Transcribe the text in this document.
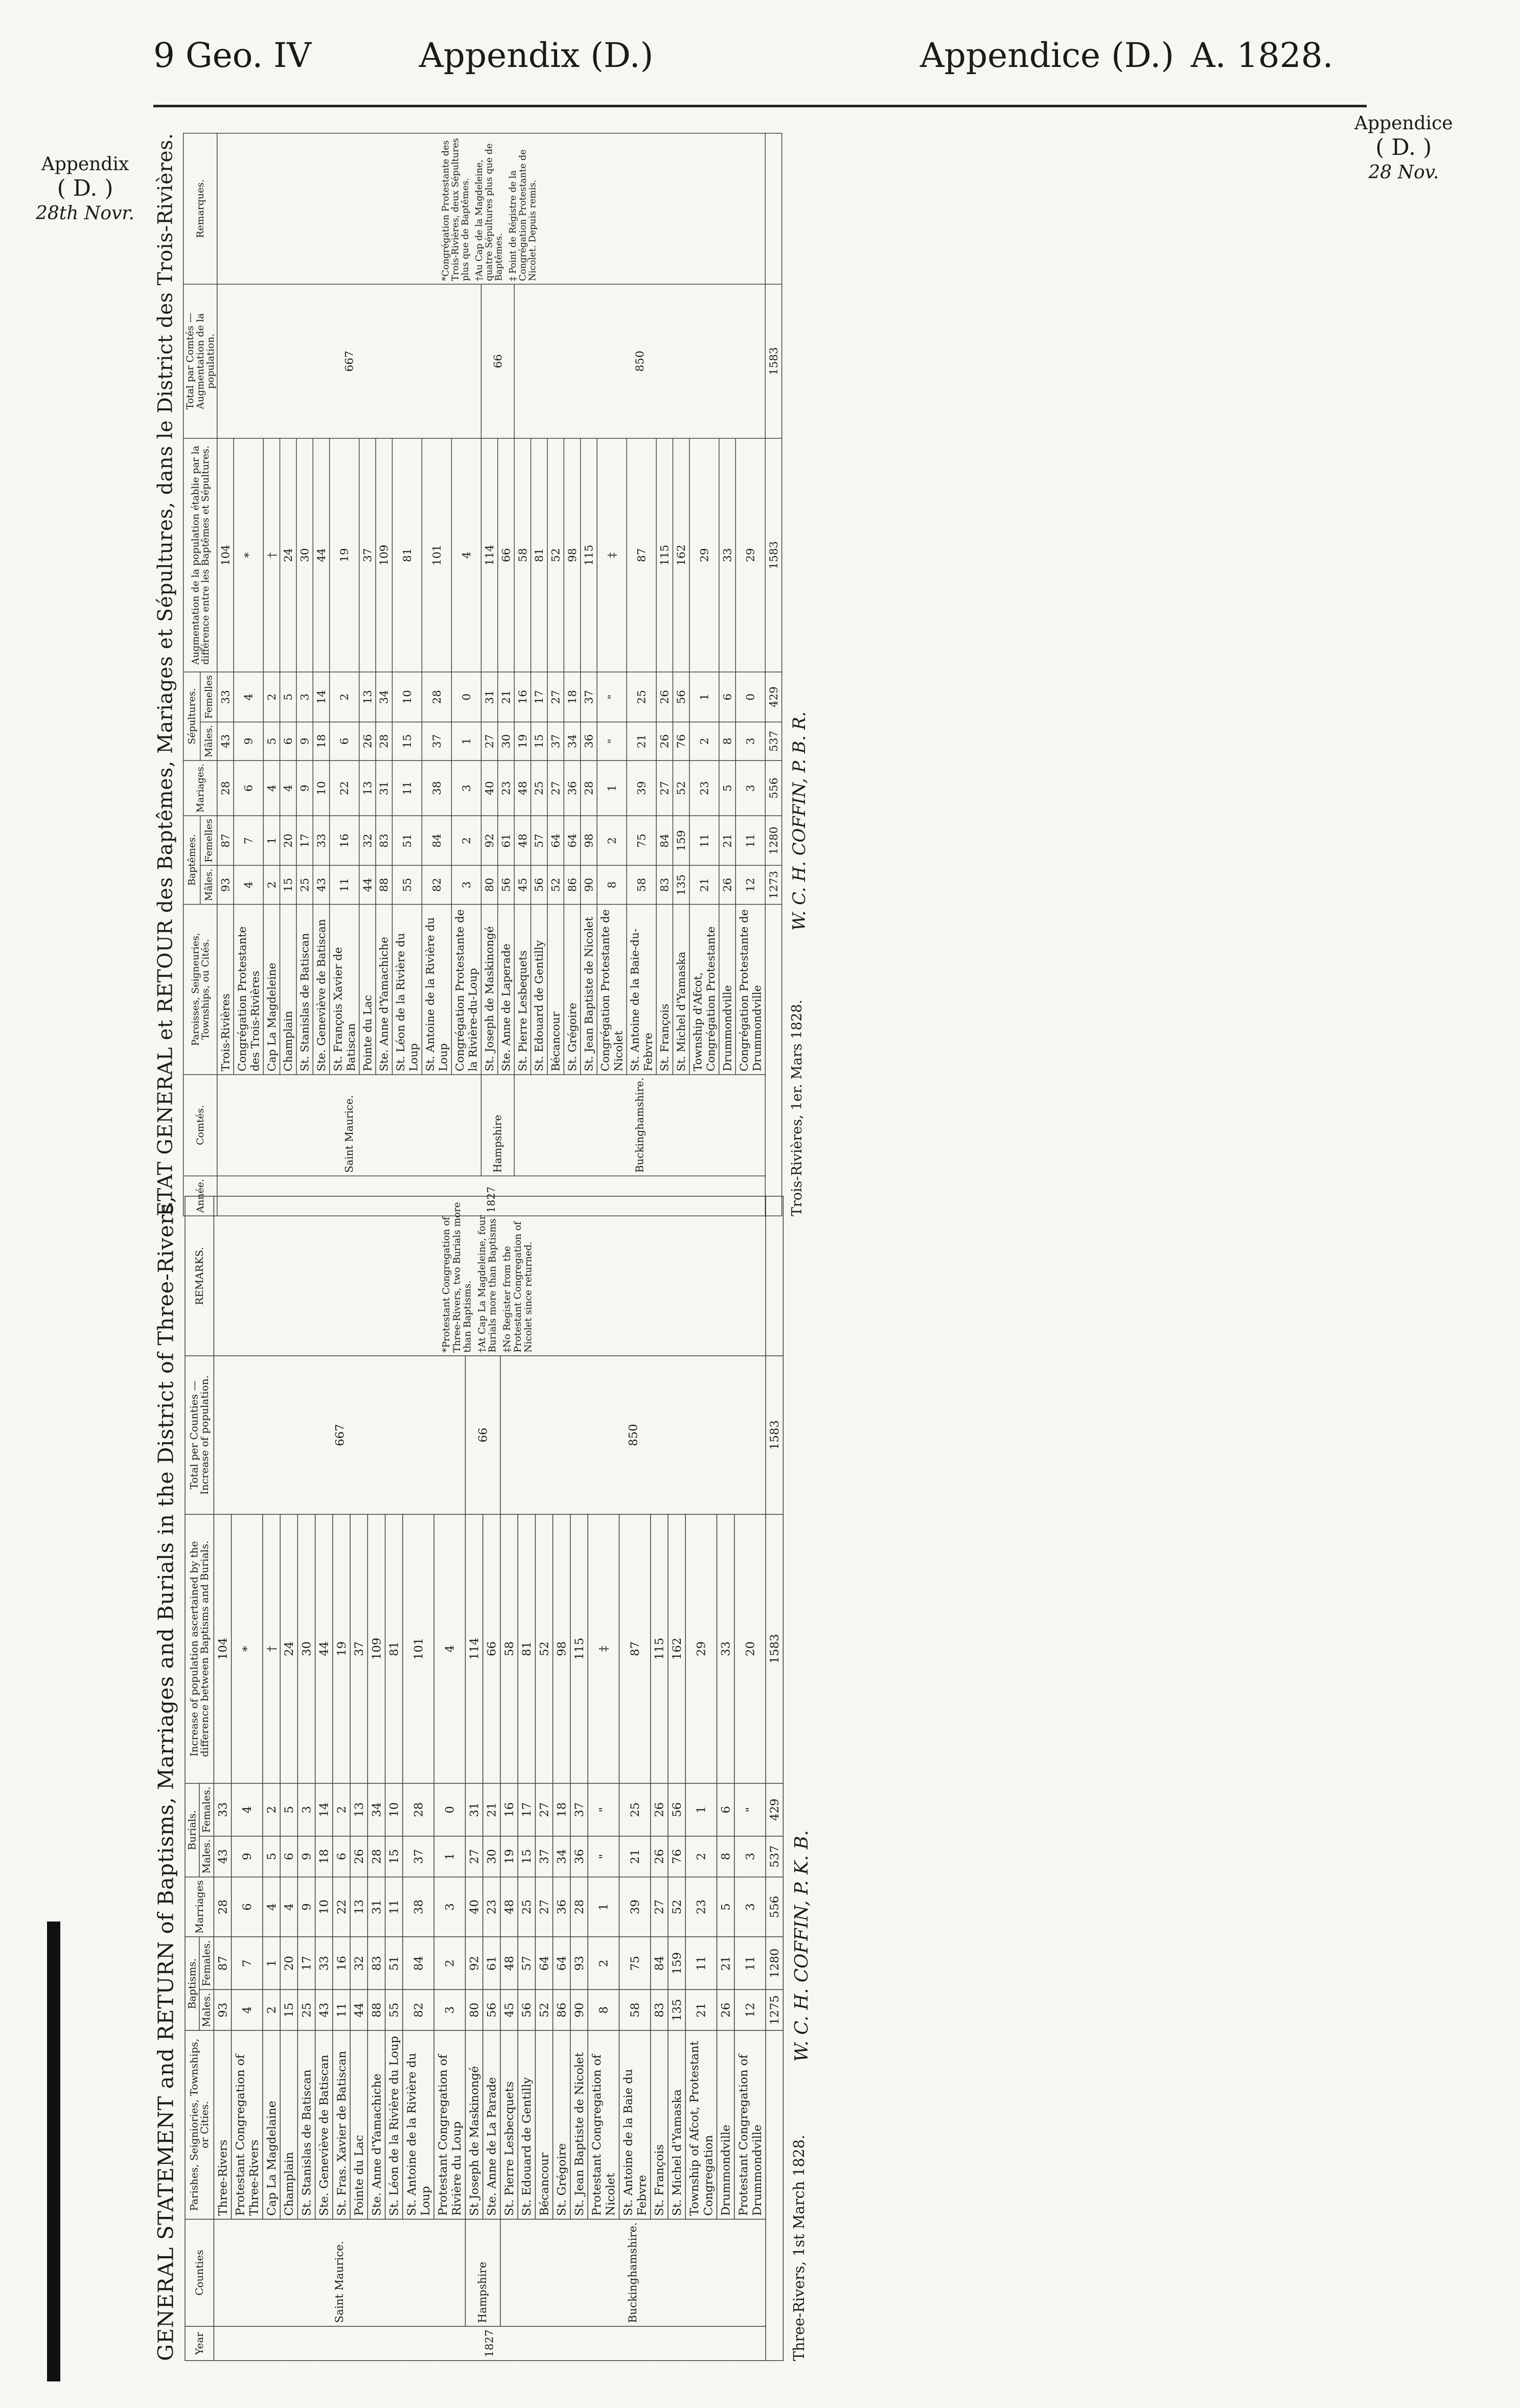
9 Geo. IV	Appendix (D.)	Appendice (D.) A. 1828.
Appendix
( D. )
28th Novr.
Appendice
( D. )
28 Nov.
GENERAL STATEMENT and RETURN of Baptisms, Marriages and Burials in the District of Three-Rivers, Year	Counties	Parishes, Seigniories, Townships, or Cities.	Baptisms.		Marriages	Burials.		Increase of population ascertained by the difference between Baptisms and Burials.	Total per Counties — Increase of population.	REMARKS.
			Males.	Females.		Males.	Females.			
1827	Saint Maurice.	Three-Rivers	93	87	28	43	33	104	667	*Protestant Congregation of Three-Rivers, two Burials more than Baptisms. †At Cap La Magdeleine, four Burials more than Baptisms ‡No Register from the Protestant Congregation of Nicolet since returned.

		Protestant Congregation of Three-Rivers	4	7	6	9	4	*		
		Cap La Magdelaine	2	1	4	5	2	†		
		Champlain	15	20	4	6	5	24		
		St. Stanislas de Batiscan	25	17	9	9	3	30		
		Ste. Geneviève de Batiscan	43	33	10	18	14	44		
		St. Fras. Xavier de Batiscan	11	16	22	6	2	19		
		Pointe du Lac	44	32	13	26	13	37		
		Ste. Anne d'Yamachiche	88	83	31	28	34	109		
		St. Léon de la Rivière du Loup	55	51	11	15	10	81		
		St. Antoine de la Rivière du Loup	82	84	38	37	28	101		
		Protestant Congregation of Rivière du Loup	3	2	3	1	0	4		
	Hampshire	St Joseph de Maskinongé	80	92	40	27	31	114	66	
		Ste. Anne de La Parade	56	61	23	30	21	66		
	Buckinghamshire.	St. Pierre Lesbecquets	45	48	48	19	16	58	850	
		St. Edouard de Gentilly	56	57	25	15	17	81		
		Bécancour	52	64	27	37	27	52		
		St. Grégoire	86	64	36	34	18	98		
		St. Jean Baptiste de Nicolet	90	93	28	36	37	115		
		Protestant Congregation of Nicolet	8	2	1	"	"	‡		
		St. Antoine de la Baie du Febvre	58	75	39	21	25	87		
		St. François	83	84	27	26	26	115		
		St. Michel d'Yamaska	135	159	52	76	56	162		
		Township of Afcot, Protestant Congregation	21	11	23	2	1	29		
		Drummondville	26	21	5	8	6	33		
		Protestant Congregation of Drummondville	12	11	3	3	"	20		
			1275	1280	556	537	429	1583	1583	
Three-Rivers, 1st March 1828.
W. C. H. COFFIN, P. K. B.
ETAT GENERAL et RETOUR des Baptêmes, Mariages et Sépultures, dans le District des Trois-Rivières. Année.	Comtés.	Paroisses, Seigneuries, Townships, ou Cités.	Baptêmes.		Mariages.	Sépultures.		Augmentation de la population établie par la différence entre les Baptêmes et Sépultures.	Total par Comtés — Augmentation de la population.	Remarques.
			Mâles.	Femelles		Mâles.	Femelles			
1827	Saint Maurice.	Trois-Rivières	93	87	28	43	33	104	667	*Congrégation Protestante des Trois-Rivières, deux Sépultures plus que de Baptêmes. †Au Cap de la Magdeleine, quatre Sépultures plus que de Baptêmes. ‡ Point de Régistre de la Congrégation Protestante de Nicolet. Depuis remis.

		Congrégation Protestante des Trois-Rivières	4	7	6	9	4	*		
		Cap La Magdeleine	2	1	4	5	2	†		
		Champlain	15	20	4	6	5	24		
		St. Stanislas de Batiscan	25	17	9	9	3	30		
		Ste. Geneviève de Batiscan	43	33	10	18	14	44		
		St. François Xavier de Batiscan	11	16	22	6	2	19		
		Pointe du Lac	44	32	13	26	13	37		
		Ste. Anne d'Yamachiche	88	83	31	28	34	109		
		St. Léon de la Rivière du Loup	55	51	11	15	10	81		
		St. Antoine de la Rivière du Loup	82	84	38	37	28	101		
		Congrégation Protestante de la Rivière-du-Loup	3	2	3	1	0	4		
	Hampshire	St. Joseph de Maskinongé	80	92	40	27	31	114	66	
		Ste. Anne de Laperade	56	61	23	30	21	66		
	Buckinghamshire.	St. Pierre Lesbequets	45	48	48	19	16	58	850	
		St. Edouard de Gentilly	56	57	25	15	17	81		
		Bécancour	52	64	27	37	27	52		
		St. Grégoire	86	64	36	34	18	98		
		St. Jean Baptiste de Nicolet	90	98	28	36	37	115		
		Congrégation Protestante de Nicolet	8	2	1	"	"	‡		
		St. Antoine de la Baie-du-Febvre	58	75	39	21	25	87		
		St. François	83	84	27	26	26	115		
		St. Michel d'Yamaska	135	159	52	76	56	162		
		Township d'Afcot, Congrégation Protestante	21	11	23	2	1	29		
		Drummondville	26	21	5	8	6	33		
		Congrégation Protestante de Drummondville	12	11	3	3	0	29		
			1273	1280	556	537	429	1583	1583	
Trois-Rivières, 1er. Mars 1828.
W. C. H. COFFIN, P. B. R.
